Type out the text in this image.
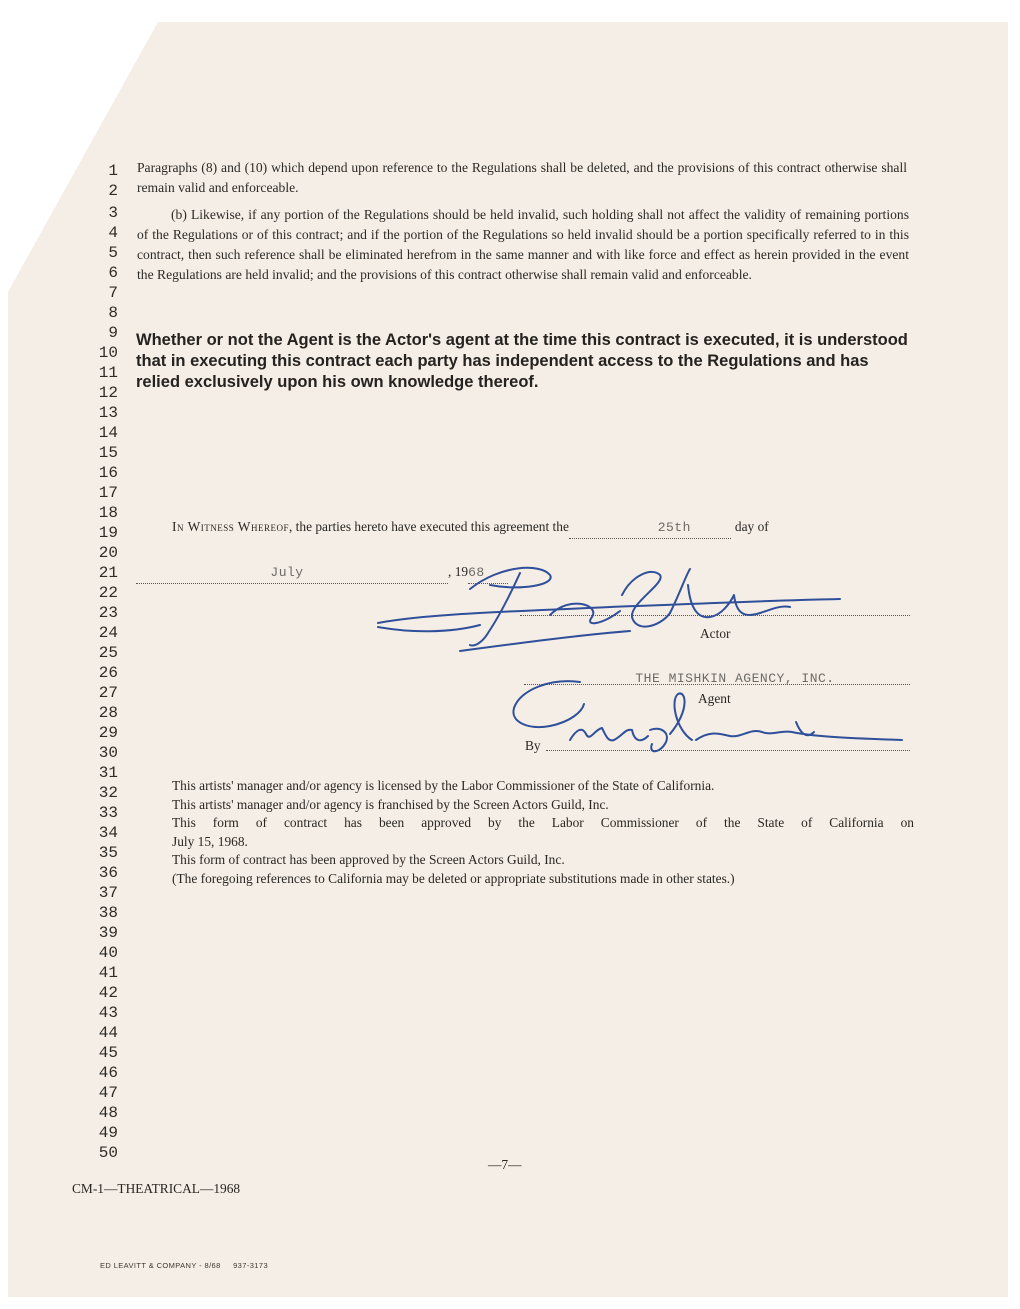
1
2
3
4
5
6
7
8
9
10
11
12
13
14
15
16
17
18
19
20
21
22
23
24
25
26
27
28
29
30
31
32
33
34
35
36
37
38
39
40
41
42
43
44
45
46
47
48
49
50
Paragraphs (8) and (10) which depend upon reference to the Regulations shall be deleted, and the provisions of this contract otherwise shall remain valid and enforceable.
(b) Likewise, if any portion of the Regulations should be held invalid, such holding shall not affect the validity of remaining portions of the Regulations or of this contract; and if the portion of the Regulations so held invalid should be a portion specifically referred to in this contract, then such reference shall be eliminated herefrom in the same manner and with like force and effect as herein provided in the event the Regulations are held invalid; and the provisions of this contract otherwise shall remain valid and enforceable.
Whether or not the Agent is the Actor's agent at the time this contract is executed, it is understood that in executing this contract each party has independent access to the Regulations and has relied exclusively upon his own knowledge thereof.
In Witness Whereof, the parties hereto have executed this agreement the	25th	day of
July	, 1968
Actor
THE MISHKIN AGENCY, INC.
Agent
By
This artists' manager and/or agency is licensed by the Labor Commissioner of the State of California.
This artists' manager and/or agency is franchised by the Screen Actors Guild, Inc.
This form of contract has been approved by the Labor Commissioner of the State of California on
July 15, 1968.
This form of contract has been approved by the Screen Actors Guild, Inc.
(The foregoing references to California may be deleted or appropriate substitutions made in other states.)
—7—
CM-1—THEATRICAL—1968
ED LEAVITT & COMPANY - 8/68     937-3173
